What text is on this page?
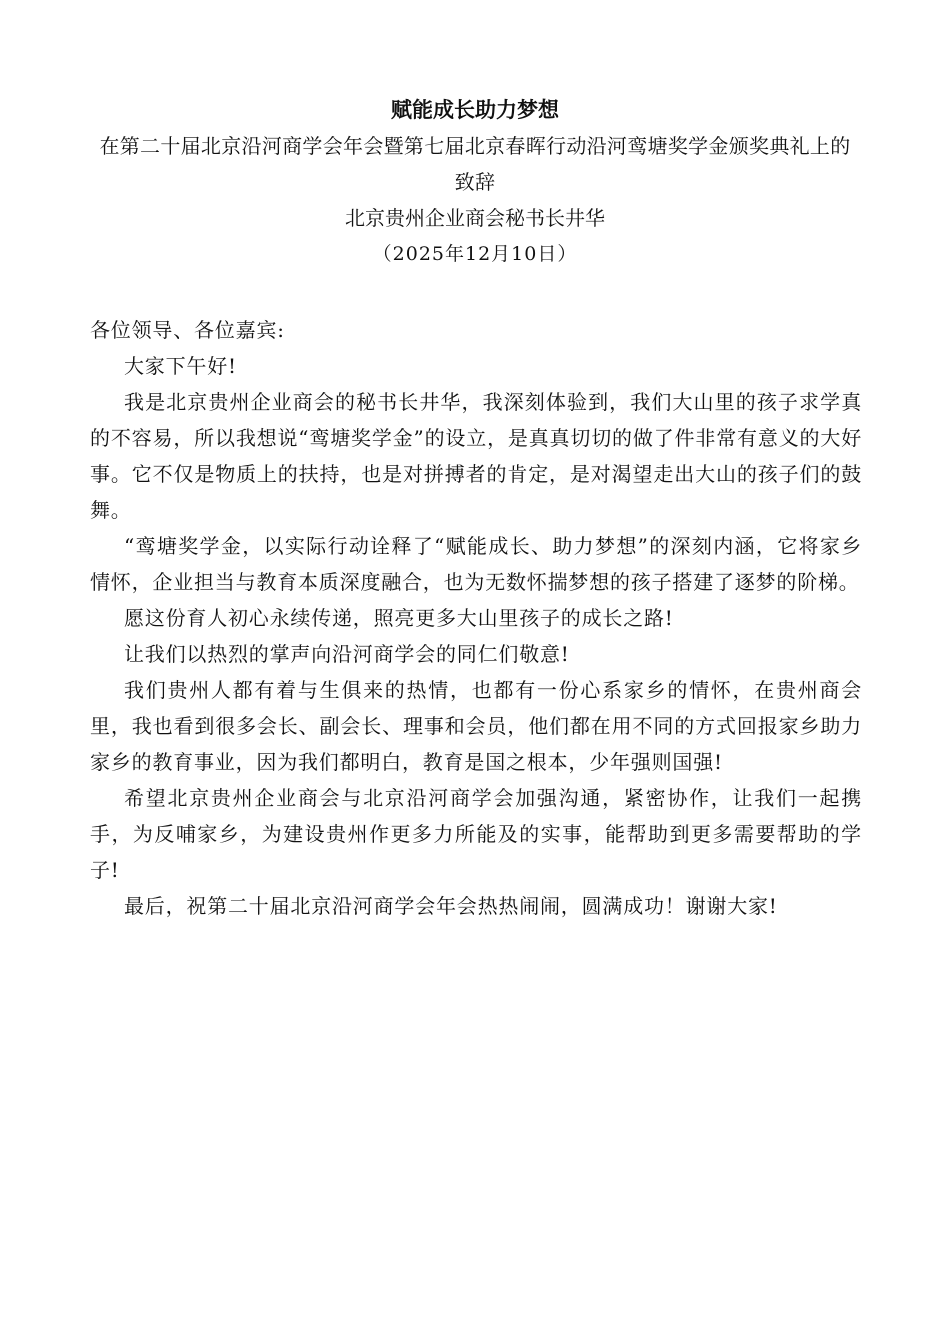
赋能成长助力梦想

在第二十届北京沿河商学会年会暨第七届北京春晖行动沿河鸾塘奖学金颁奖典礼上的致辞

北京贵州企业商会秘书长井华

（2025年12月10日）

各位领导、各位嘉宾:

大家下午好!

我是北京贵州企业商会的秘书长井华，我深刻体验到，我们大山里的孩子求学真的不容易，所以我想说“鸾塘奖学金”的设立，是真真切切的做了件非常有意义的大好事。它不仅是物质上的扶持，也是对拼搏者的肯定，是对渴望走出大山的孩子们的鼓舞。

“鸾塘奖学金，以实际行动诠释了“赋能成长、助力梦想”的深刻内涵，它将家乡情怀，企业担当与教育本质深度融合，也为无数怀揣梦想的孩子搭建了逐梦的阶梯。

愿这份育人初心永续传递，照亮更多大山里孩子的成长之路!

让我们以热烈的掌声向沿河商学会的同仁们敬意!

我们贵州人都有着与生俱来的热情，也都有一份心系家乡的情怀，在贵州商会里，我也看到很多会长、副会长、理事和会员，他们都在用不同的方式回报家乡助力家乡的教育事业，因为我们都明白，教育是国之根本，少年强则国强!

希望北京贵州企业商会与北京沿河商学会加强沟通，紧密协作，让我们一起携手，为反哺家乡，为建设贵州作更多力所能及的实事，能帮助到更多需要帮助的学子!

最后，祝第二十届北京沿河商学会年会热热闹闹，圆满成功！谢谢大家!
